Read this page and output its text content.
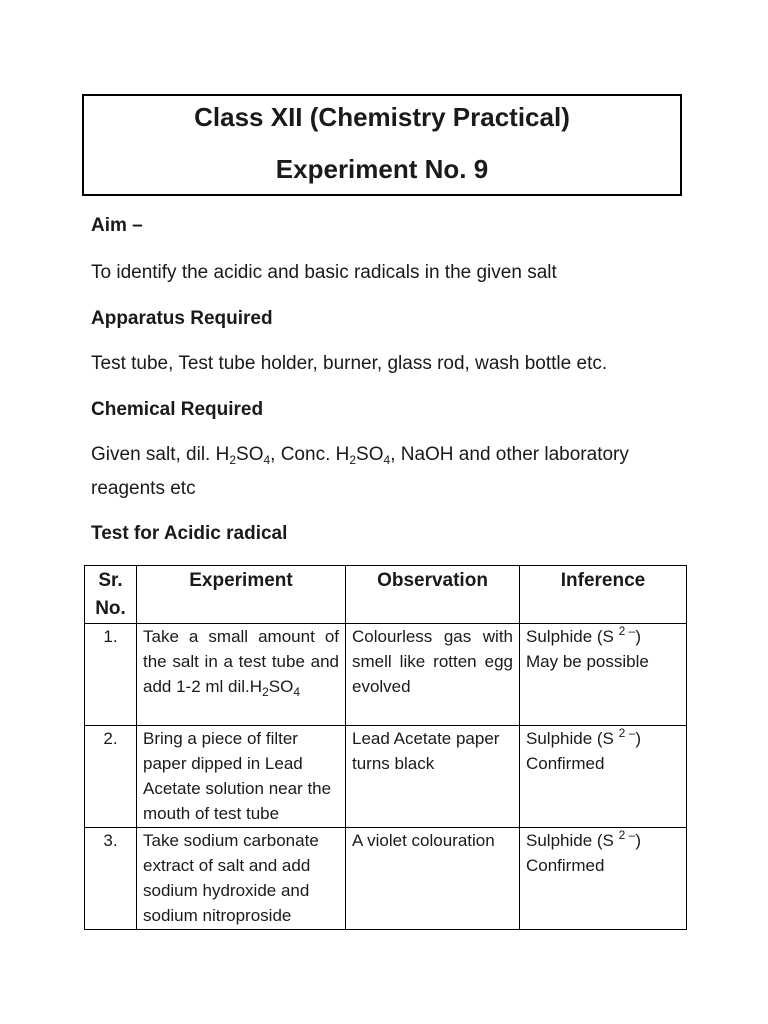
Class XII (Chemistry Practical)
Experiment No. 9
Aim –
To identify the acidic and basic radicals in the given salt
Apparatus Required
Test tube, Test tube holder, burner, glass rod, wash bottle etc.
Chemical Required
Given salt, dil. $H_2SO_4$, Conc. $H_2SO_4$, NaOH and other laboratory
reagents etc
Test for Acidic radical
Sr. No.	Experiment	Observation	Inference
1.	Take a small amount of the salt in a test tube and add 1-2 ml $dil.H_2SO_4$	Colourless gas with smell like rotten egg evolved	Sulphide (S $^{2 -}$)
May be possible
2.	Bring a piece of filter paper dipped in Lead Acetate solution near the mouth of test tube	Lead Acetate paper turns black	Sulphide (S $^{2 -}$)
Confirmed
3.	Take sodium carbonate extract of salt and add sodium hydroxide and sodium nitroproside	A violet colouration	Sulphide (S $^{2 -}$)
Confirmed
